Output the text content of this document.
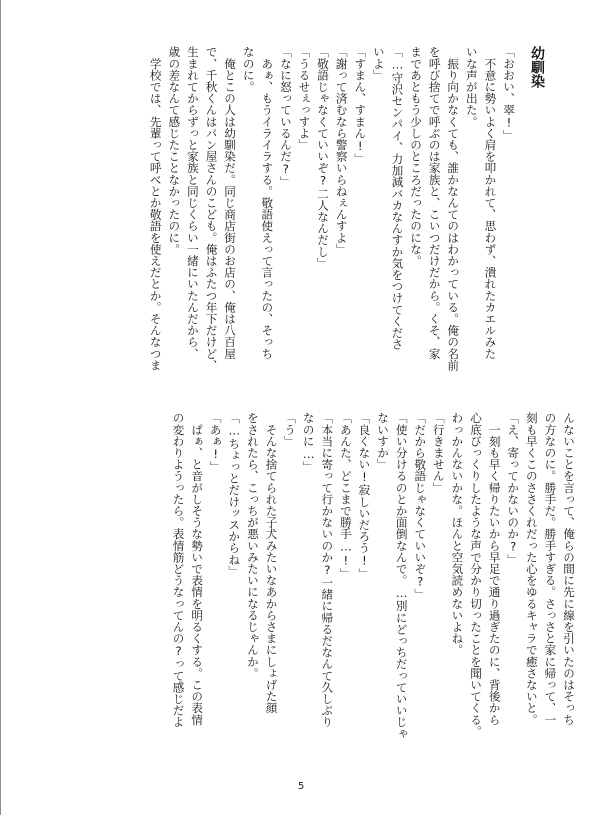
幼馴染
「おおい、翠!」
　不意に勢いよく肩を叩かれて、思わず、潰れたカエルみた
いな声が出た。
　振り向かなくても、誰かなんてのはわかっている。俺の名前
を呼び捨てで呼ぶのは家族と、こいつだけだから。くそ、家
まであともう少しのところだったのにな。
「…守沢センパイ、力加減バカなんすか気をつけてくださ
いよ」
「すまん、すまん!」
「謝って済むなら警察いらねぇんすよ」
「敬語じゃなくていいぞ?二人なんだし」
「うるせぇっすよ」
「なに怒っているんだ?」
　あぁ、もうイライラする。敬語使えって言ったの、そっち
なのに。
　俺とこの人は幼馴染だ。同じ商店街のお店の、俺は八百屋
で、千秋くんはパン屋さんのこども。俺はふたつ年下だけど、
生まれてからずっと家族と同じくらい一緒にいたんだから、
歳の差なんて感じたことなかったのに。
　学校では、先輩って呼べとか敬語を使えだとか。そんなつま
んないことを言って、俺らの間に先に線を引いたのはそっち
の方なのに。勝手だ。勝手すぎる。さっさと家に帰って、一
刻も早くこのささくれだった心をゆるキャラで癒さないと。
「え、寄ってかないのか?」
　一刻も早く帰りたいから早足で通り過ぎたのに、背後から
心底びっくりしたような声で分かり切ったことを聞いてくる。
わっかんないかな。ほんと空気読めないよね。
「行きません」
「だから敬語じゃなくていいぞ?」
「使い分けるのとか面倒なんで。…別にどっちだっていいじゃ
ないすか」
「良くない!寂しいだろう!」
「あんた、どこまで勝手…!」
「本当に寄って行かないのか?一緒に帰るだなんて久しぶり
なのに…」
「う」
　そんな捨てられた子犬みたいなあからさまにしょげた顔
をされたら、こっちが悪いみたいになるじゃんか。
「…ちょっとだけッスからね」
「あぁ!」
　ぱぁ、と音がしそうな勢いで表情を明るくする。この表情
の変わりようったら。表情筋どうなってんの?って感じだよ
5
